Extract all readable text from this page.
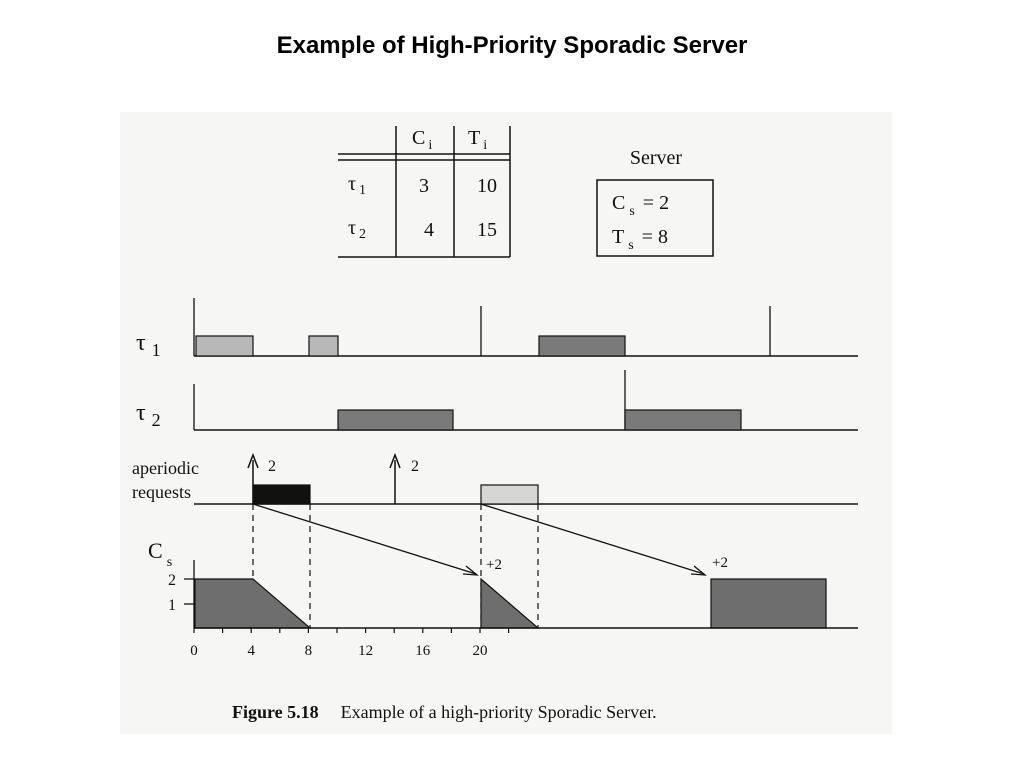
Example of High-Priority Sporadic Server
C $_i$ T $_i$
τ $_1$	3 10
τ $_2$	4 15
Server
C $_s$ = 2
T $_s$ = 8
τ $_1$
τ $_2$
aperiodic
requests
2	2
+2	+2
C $_s$
2
1
0	4	8	12	16	20
Figure 5.18 Example of a high-priority Sporadic Server.
